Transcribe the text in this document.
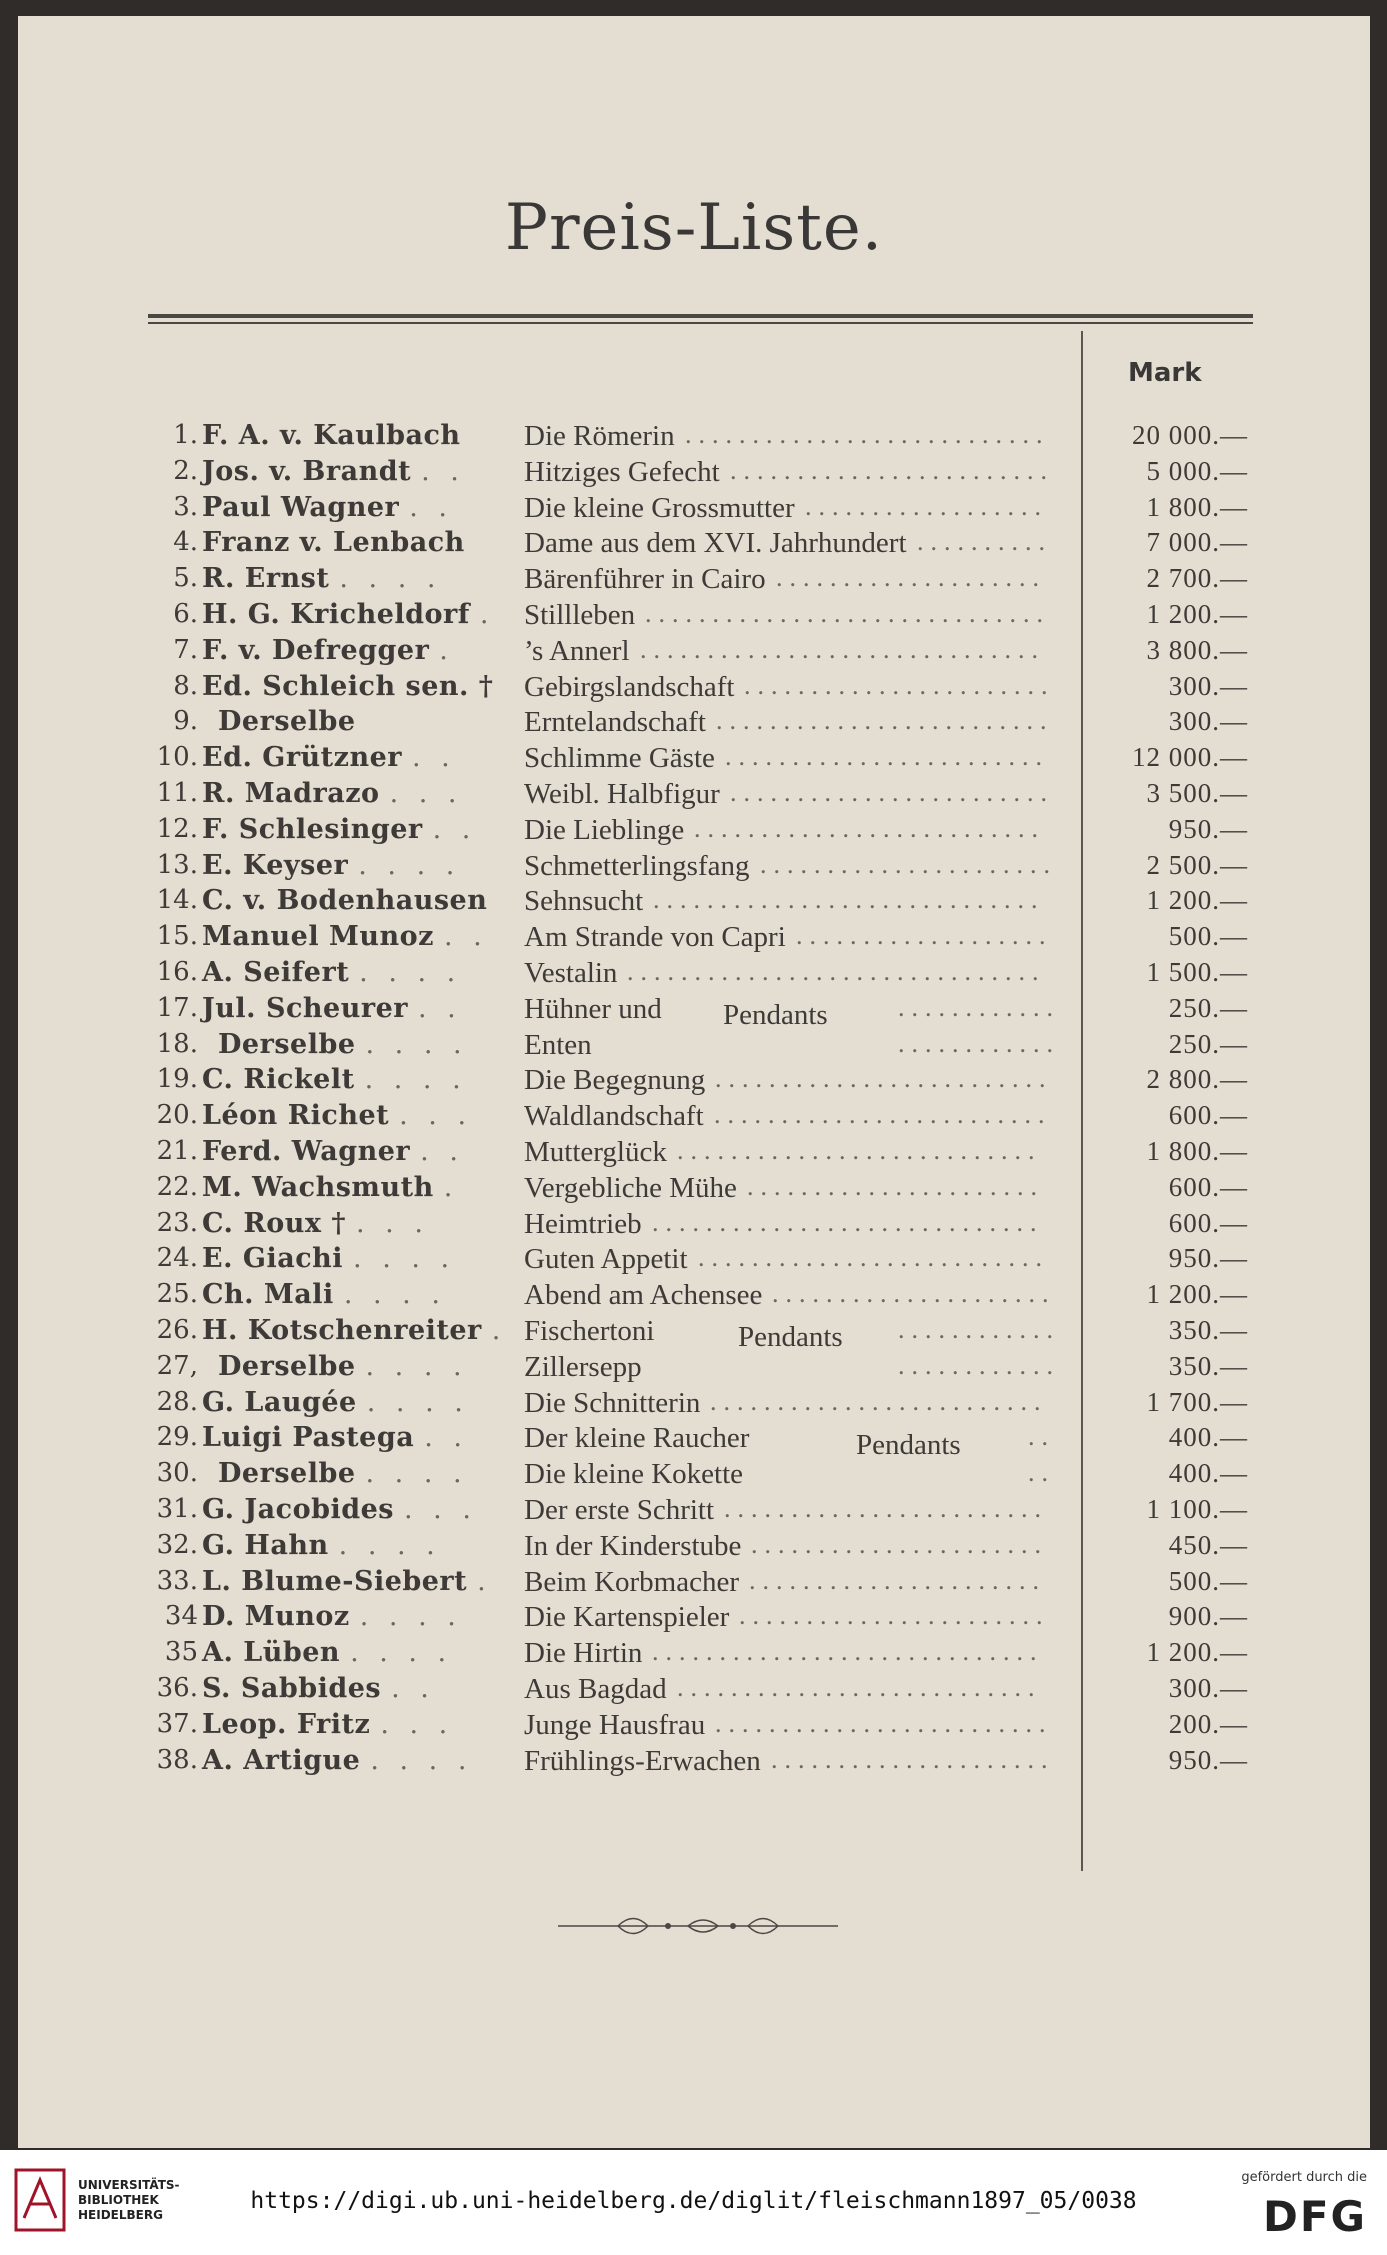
Preis-Liste.
Mark
1. F. A. v. Kaulbach	Die Römerin ...........................	20 000.—
2. Jos. v. Brandt . .	Hitziges Gefecht ........................	5 000.—
3. Paul Wagner . .	Die kleine Grossmutter ..................	1 800.—
4. Franz v. Lenbach	Dame aus dem XVI. Jahrhundert ..........	7 000.—
5. R. Ernst . . . .	Bärenführer in Cairo ....................	2 700.—
6. H. G. Kricheldorf . Stillleben ..............................	1 200.—
7. F. v. Defregger .	’s Annerl ..............................	3 800.—
8. Ed. Schleich sen. † Gebirgslandschaft .......................	300.—
9. Derselbe	Erntelandschaft .........................	300.—
10. Ed. Grützner . .	Schlimme Gäste ........................	12 000.—
11. R. Madrazo . . .	Weibl. Halbfigur ........................	3 500.—
12. F. Schlesinger . .	Die Lieblinge ..........................	950.—
13. E. Keyser . . . .	Schmetterlingsfang ......................	2 500.—
14. C. v. Bodenhausen	Sehnsucht .............................	1 200.—
15. Manuel Munoz . .	Am Strande von Capri ...................	500.—
16. A. Seifert . . . .	Vestalin ...............................	1 500.—
17. Jul. Scheurer . .	Hühner und	............	250.—
18. Derselbe . . . .	Enten	............	250.—
19. C. Rickelt . . . .	Die Begegnung .........................	2 800.—
20. Léon Richet . . .	Waldlandschaft .........................	600.—
21. Ferd. Wagner . .	Mutterglück ...........................	1 800.—
22. M. Wachsmuth .	Vergebliche Mühe ......................	600.—
23. C. Roux † . . .	Heimtrieb .............................	600.—
24. E. Giachi . . . .	Guten Appetit ..........................	950.—
25. Ch. Mali . . . .	Abend am Achensee .....................	1 200.—
26. H. Kotschenreiter . Fischertoni	............	350.—
27, Derselbe . . . .	Zillersepp	............	350.—
28. G. Laugée . . . .	Die Schnitterin .........................	1 700.—
29. Luigi Pastega . .	Der kleine Raucher	..	400.—
30. Derselbe . . . .	Die kleine Kokette	..	400.—
31. G. Jacobides . . .	Der erste Schritt ........................	1 100.—
32. G. Hahn . . . .	In der Kinderstube ......................	450.—
33. L. Blume-Siebert .	Beim Korbmacher ......................	500.—
34 D. Munoz . . . .	Die Kartenspieler .......................	900.—
35 A. Lüben . . . .	Die Hirtin .............................	1 200.—
36. S. Sabbides . .	Aus Bagdad ...........................	300.—
37. Leop. Fritz . . .	Junge Hausfrau .........................	200.—
38. A. Artigue . . . .	Frühlings-Erwachen .....................	950.—
Pendants
Pendants
Pendants
UNIVERSITÄTS-
BIBLIOTHEK
HEIDELBERG
https://digi.ub.uni-heidelberg.de/diglit/fleischmann1897_05/0038
gefördert durch die
DFG
